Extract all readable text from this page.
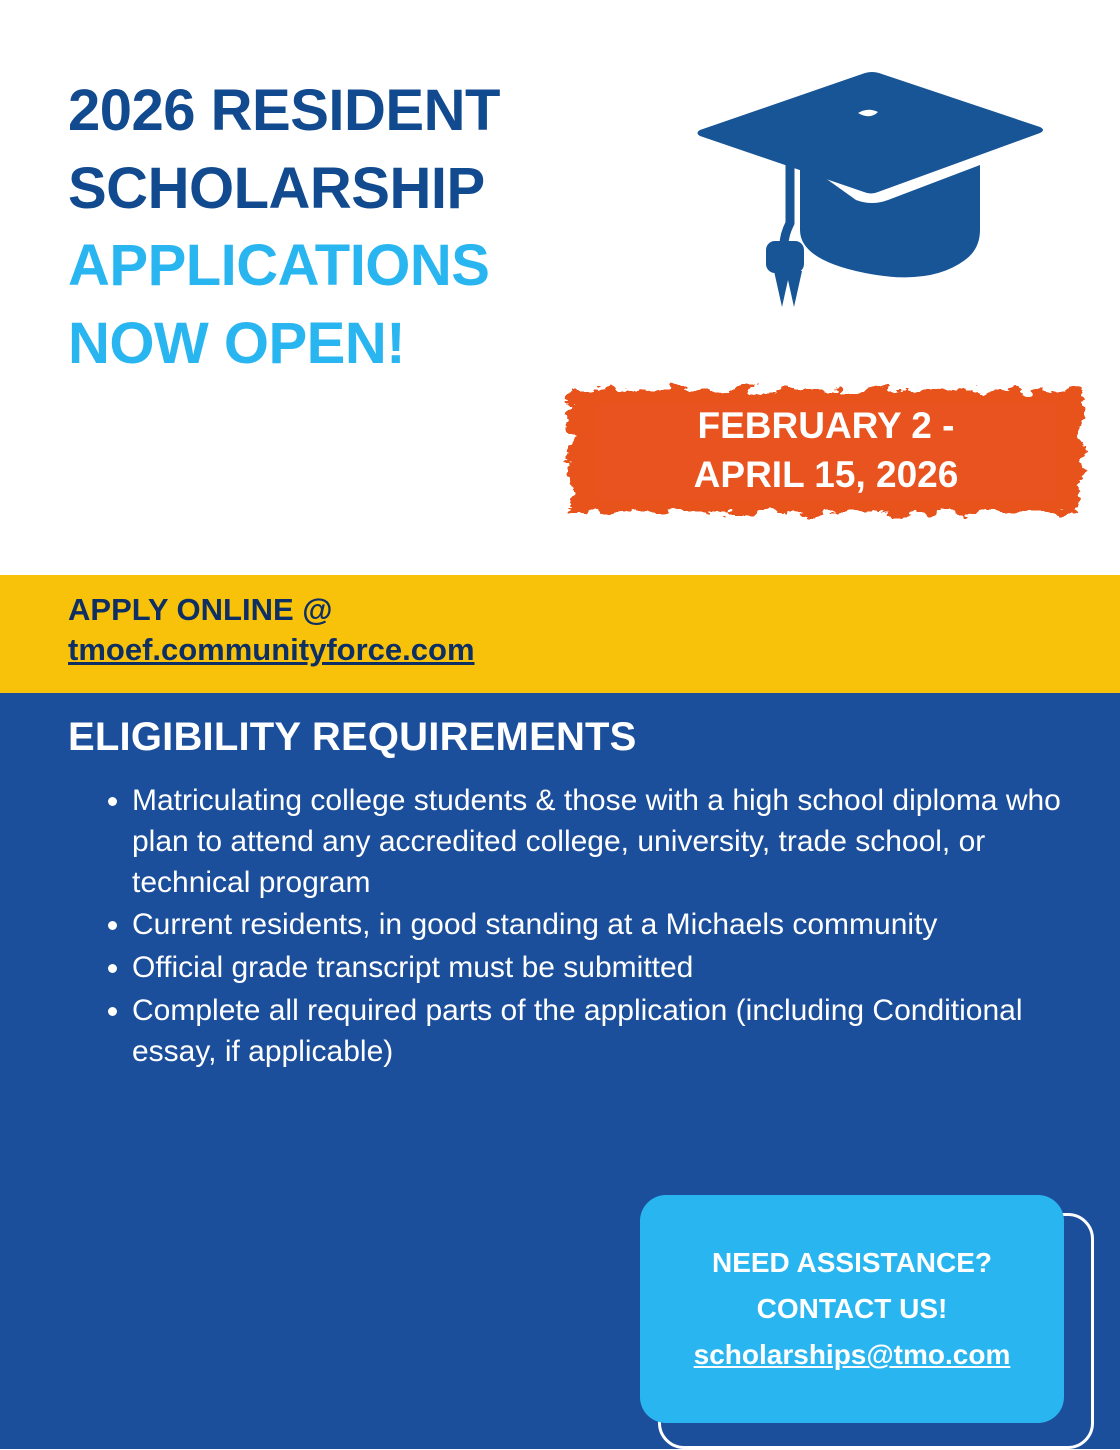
2026 RESIDENT
SCHOLARSHIP
APPLICATIONS
NOW OPEN!
FEBRUARY 2 -
APRIL 15, 2026
APPLY ONLINE @
tmoef.communityforce.com
ELIGIBILITY REQUIREMENTS
• Matriculating college students & those with a high school diploma who plan to attend any accredited college, university, trade school, or technical program
• Current residents, in good standing at a Michaels community
• Official grade transcript must be submitted
• Complete all required parts of the application (including Conditional essay, if applicable)
NEED ASSISTANCE?
CONTACT US!
scholarships@tmo.com
